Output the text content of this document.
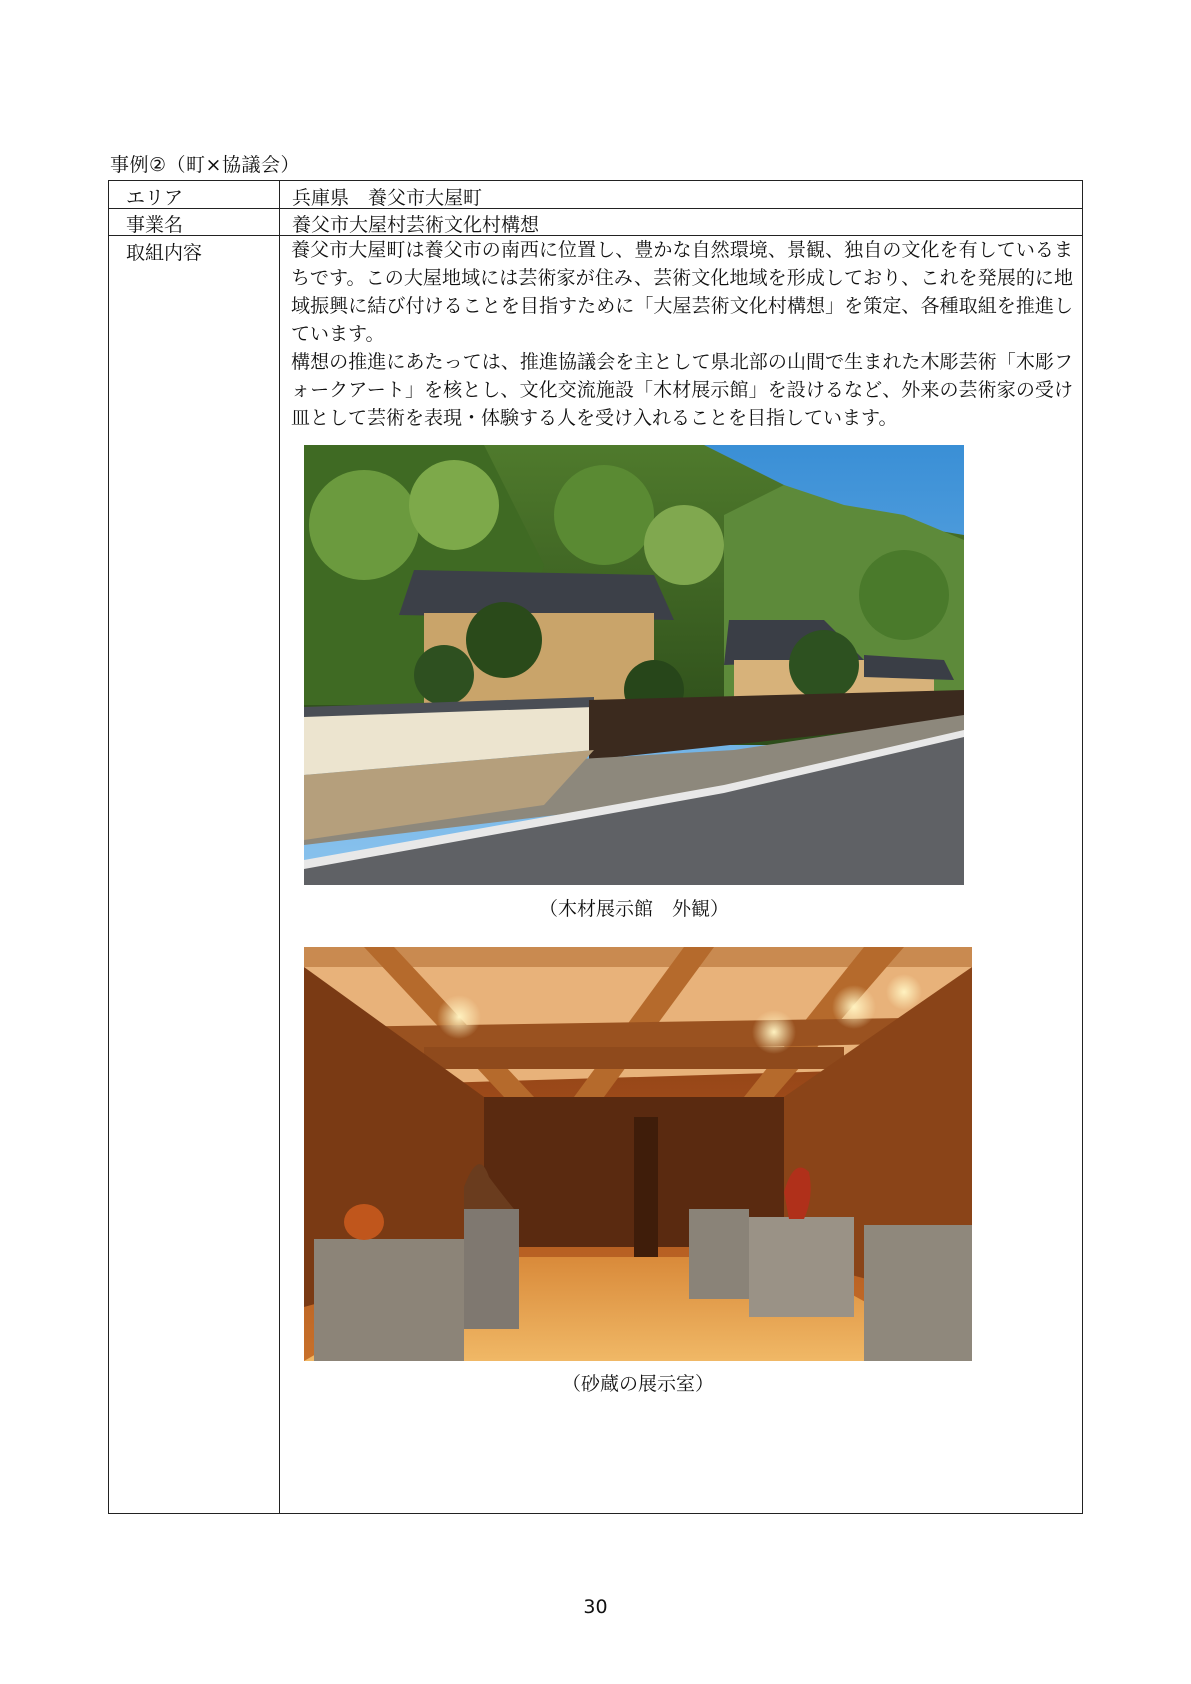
事例②（町×協議会）
エリア	兵庫県　養父市大屋町
事業名	養父市大屋村芸術文化村構想
取組内容	養父市大屋町は養父市の南西に位置し、豊かな自然環境、景観、独自の文化を有しているまちです。この大屋地域には芸術家が住み、芸術文化地域を形成しており、これを発展的に地域振興に結び付けることを目指すために「大屋芸術文化村構想」を策定、各種取組を推進しています。

構想の推進にあたっては、推進協議会を主として県北部の山間で生まれた木彫芸術「木彫フォークアート」を核とし、文化交流施設「木材展示館」を設けるなど、外来の芸術家の受け皿として芸術を表現・体験する人を受け入れることを目指しています。

（木材展示館　外観）
（砂蔵の展示室）
30
